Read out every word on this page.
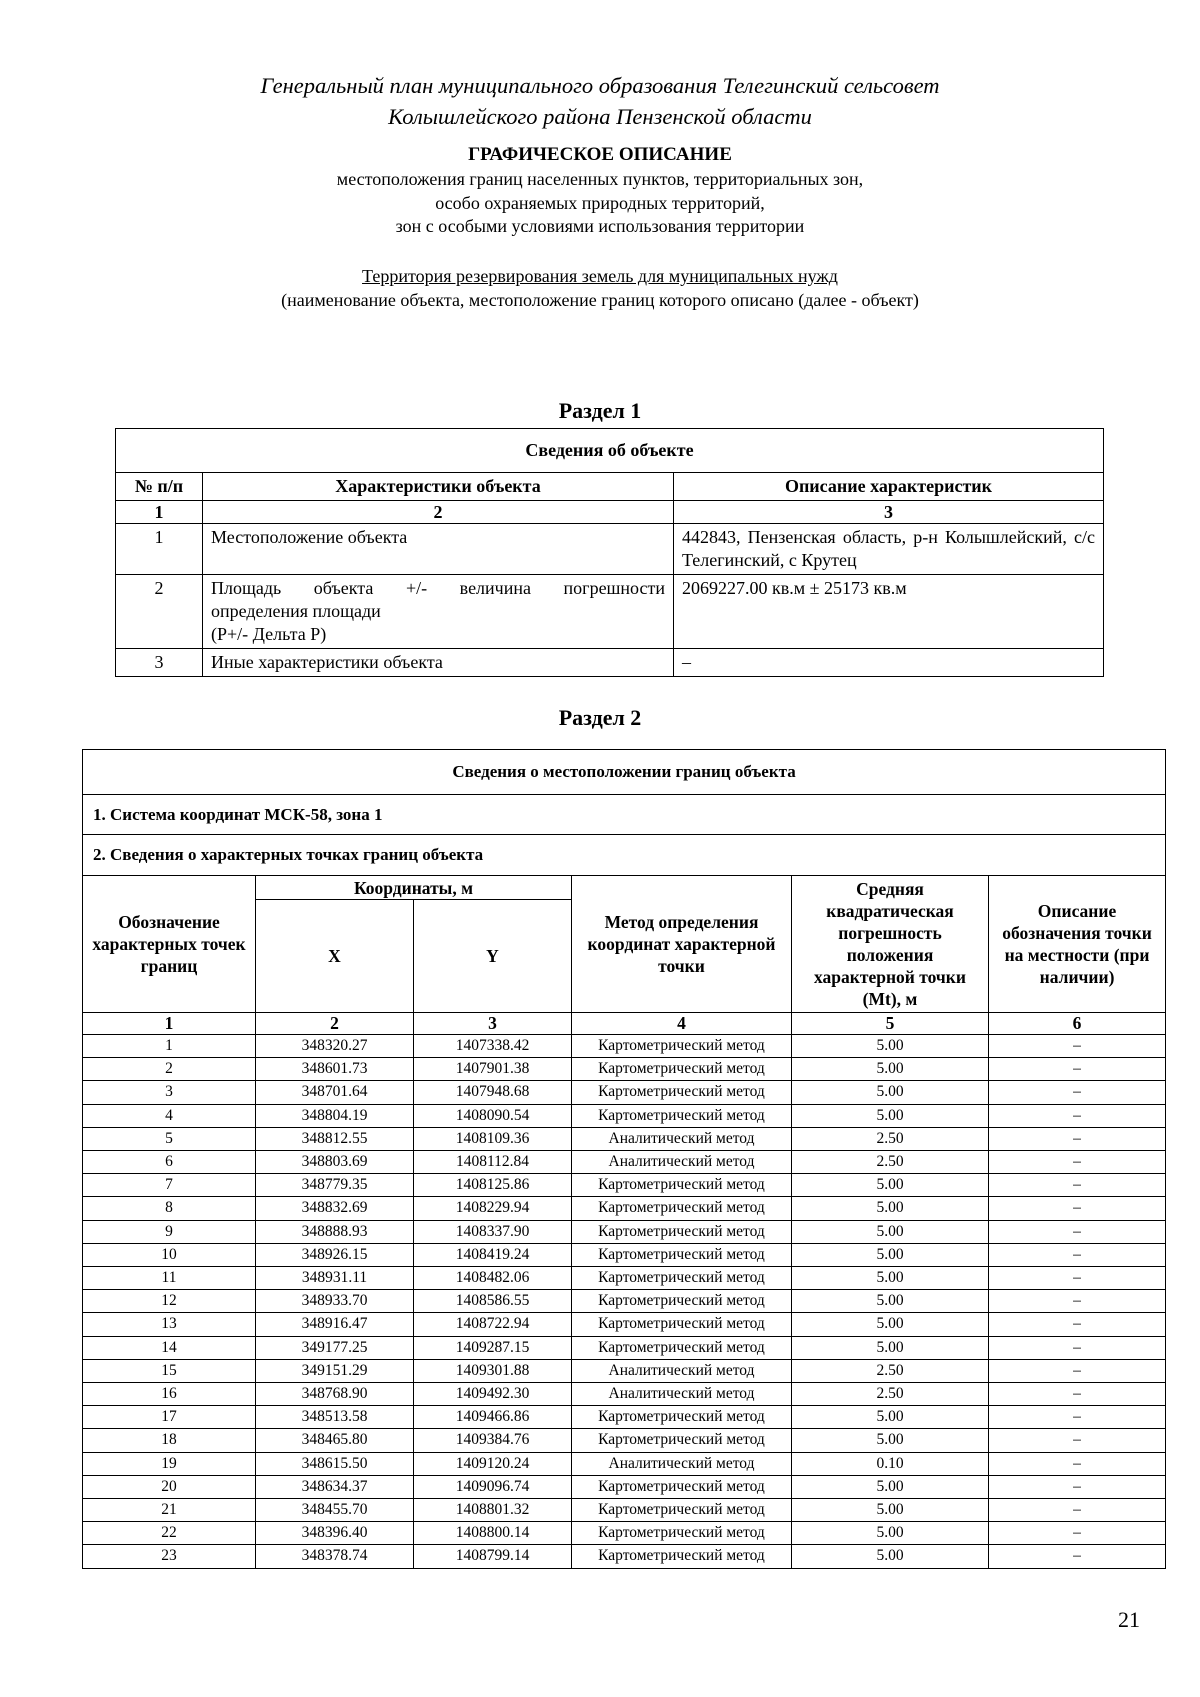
Генеральный план муниципального образования Телегинский сельсовет
Колышлейского района Пензенской области
ГРАФИЧЕСКОЕ ОПИСАНИЕ
местоположения границ населенных пунктов, территориальных зон,
особо охраняемых природных территорий,
зон с особыми условиями использования территории
Территория резервирования земель для муниципальных нужд
(наименование объекта, местоположение границ которого описано (далее - объект)
Раздел 1
Сведения об объекте		
№ п/п	Характеристики объекта	Описание характеристик
1	2	3
1	Местоположение объекта	442843, Пензенская область, р-н Колышлейский, с/с Телегинский, с Крутец
2	Площадь объекта +/- величина погрешности
определения площади
(Р+/- Дельта Р)	2069227.00 кв.м ± 25173 кв.м
3	Иные характеристики объекта	–
Раздел 2
Сведения о местоположении границ объекта					
1. Система координат МСК-58, зона 1					
2. Сведения о характерных точках границ объекта					
Обозначение характерных точек границ	Координаты, м		Метод определения координат характерной точки	Средняя квадратическая погрешность положения характерной точки (Mt), м	Описание обозначения точки на местности (при наличии)
	X	Y			
1	2	3	4	5	6
1	348320.27	1407338.42	Картометрический метод	5.00	–
2	348601.73	1407901.38	Картометрический метод	5.00	–
3	348701.64	1407948.68	Картометрический метод	5.00	–
4	348804.19	1408090.54	Картометрический метод	5.00	–
5	348812.55	1408109.36	Аналитический метод	2.50	–
6	348803.69	1408112.84	Аналитический метод	2.50	–
7	348779.35	1408125.86	Картометрический метод	5.00	–
8	348832.69	1408229.94	Картометрический метод	5.00	–
9	348888.93	1408337.90	Картометрический метод	5.00	–
10	348926.15	1408419.24	Картометрический метод	5.00	–
11	348931.11	1408482.06	Картометрический метод	5.00	–
12	348933.70	1408586.55	Картометрический метод	5.00	–
13	348916.47	1408722.94	Картометрический метод	5.00	–
14	349177.25	1409287.15	Картометрический метод	5.00	–
15	349151.29	1409301.88	Аналитический метод	2.50	–
16	348768.90	1409492.30	Аналитический метод	2.50	–
17	348513.58	1409466.86	Картометрический метод	5.00	–
18	348465.80	1409384.76	Картометрический метод	5.00	–
19	348615.50	1409120.24	Аналитический метод	0.10	–
20	348634.37	1409096.74	Картометрический метод	5.00	–
21	348455.70	1408801.32	Картометрический метод	5.00	–
22	348396.40	1408800.14	Картометрический метод	5.00	–
23	348378.74	1408799.14	Картометрический метод	5.00	–
21
